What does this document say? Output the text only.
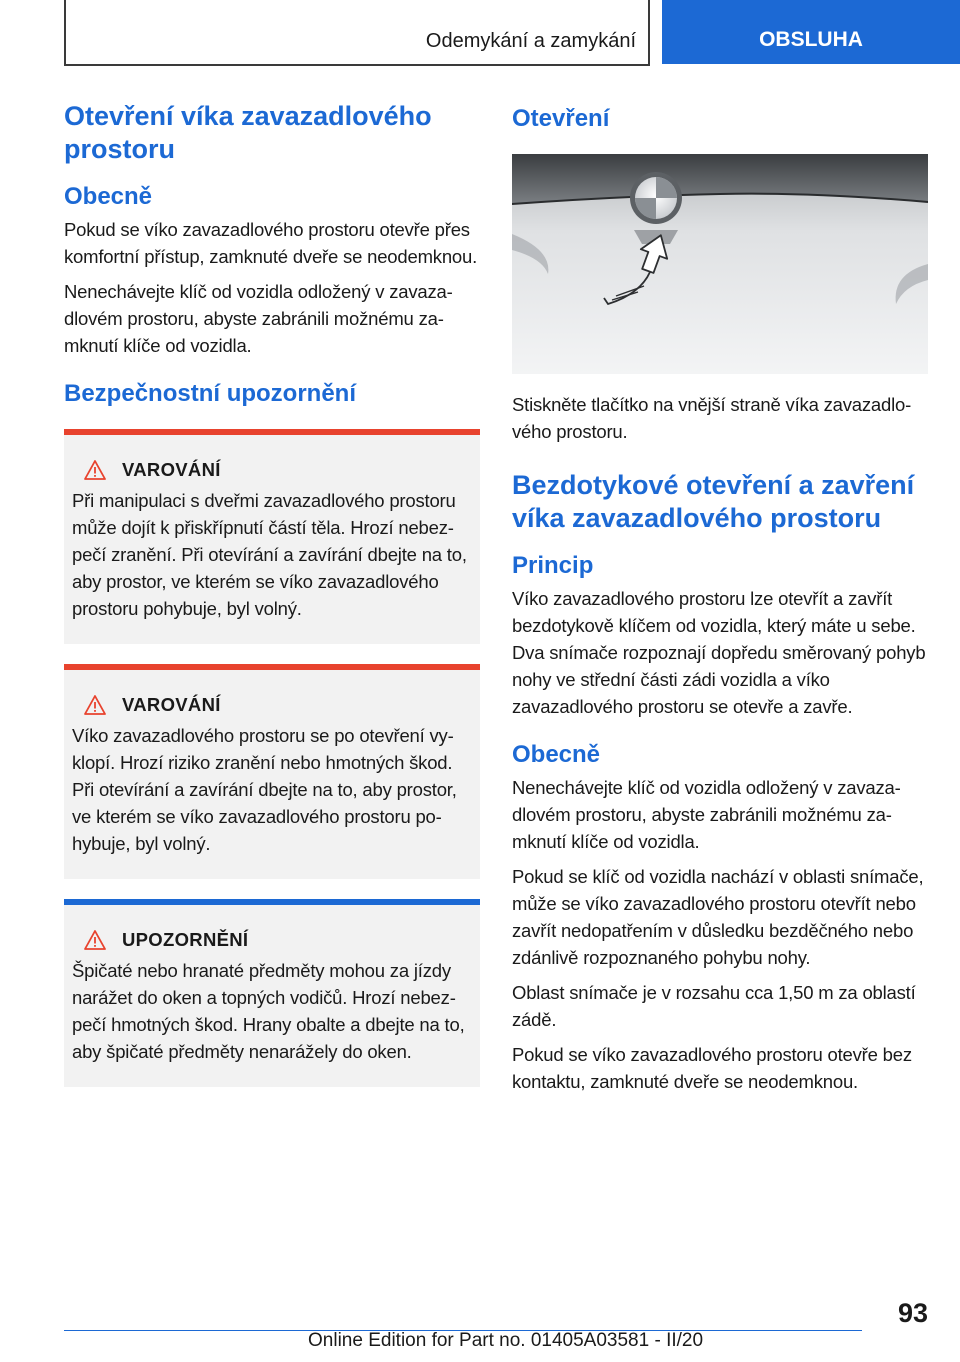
Odemykání a zamykání	OBSLUHA
Otevření víka zavazadlového prostoru
Obecně

Pokud se víko zavazadlového prostoru otevře přes komfortní přístup, zamknuté dveře se neodemknou.

Nenechávejte klíč od vozidla odložený v zavazadlovém prostoru, abyste zabránili možnému zamknutí klíče od vozidla.

Bezpečnostní upozornění
VAROVÁNÍ

Při manipulaci s dveřmi zavazadlového prostoru může dojít k přiskřípnutí částí těla. Hrozí nebezpečí zranění. Při otevírání a zavírání dbejte na to, aby prostor, ve kterém se víko zavazadlového prostoru pohybuje, byl volný.

VAROVÁNÍ

Víko zavazadlového prostoru se po otevření vyklopí. Hrozí riziko zranění nebo hmotných škod. Při otevírání a zavírání dbejte na to, aby prostor, ve kterém se víko zavazadlového prostoru pohybuje, byl volný.

UPOZORNĚNÍ

Špičaté nebo hranaté předměty mohou za jízdy narážet do oken a topných vodičů. Hrozí nebezpečí hmotných škod. Hrany obalte a dbejte na to, aby špičaté předměty nenarážely do oken.

Otevření

Stiskněte tlačítko na vnější straně víka zavazadlového prostoru.

Bezdotykové otevření a zavření víka zavazadlového prostoru
Princip

Víko zavazadlového prostoru lze otevřít a zavřít bezdotykově klíčem od vozidla, který máte u sebe. Dva snímače rozpoznají dopředu směrovaný pohyb nohy ve střední části zádi vozidla a víko zavazadlového prostoru se otevře a zavře.

Obecně

Nenechávejte klíč od vozidla odložený v zavazadlovém prostoru, abyste zabránili možnému zamknutí klíče od vozidla.

Pokud se klíč od vozidla nachází v oblasti snímače, může se víko zavazadlového prostoru otevřít nebo zavřít nedopatřením v důsledku bezděčného nebo zdánlivě rozpoznaného pohybu nohy.

Oblast snímače je v rozsahu cca 1,50 m za oblastí zádě.

Pokud se víko zavazadlového prostoru otevře bez kontaktu, zamknuté dveře se neodemknou.

93
Online Edition for Part no. 01405A03581 - II/20
